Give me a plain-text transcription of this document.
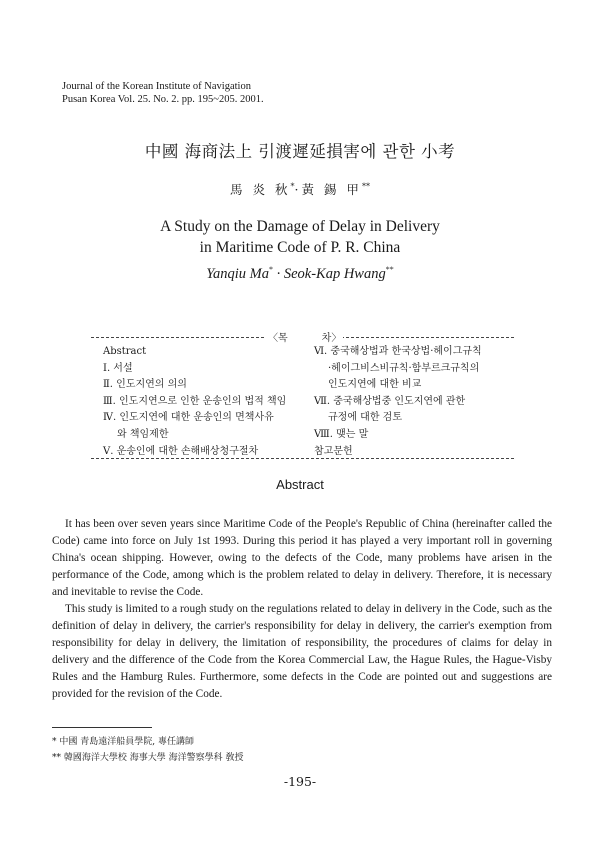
Journal of the Korean Institute of Navigation
Pusan Korea Vol. 25. No. 2. pp. 195~205. 2001.
中國 海商法上 引渡遲延損害에 관한 小考
馬 炎 秋*·黃 錫 甲**
A Study on the Damage of Delay in Delivery
in Maritime Code of P. R. China
Yanqiu Ma* · Seok-Kap Hwang**
〈목	차〉
Abstract
Ⅰ. 서설
Ⅱ. 인도지연의 의의
Ⅲ. 인도지연으로 인한 운송인의 법적 책임
Ⅳ. 인도지연에 대한 운송인의 면책사유
와 책임제한
Ⅴ. 운송인에 대한 손해배상청구절차
Ⅵ. 중국해상법과 한국상법·헤이그규칙
·헤이그비스비규칙·함부르크규칙의
인도지연에 대한 비교
Ⅶ. 중국해상법중 인도지연에 관한
규정에 대한 검토
Ⅷ. 맺는 말
참고문헌
Abstract

It has been over seven years since Maritime Code of the People's Republic of China (hereinafter called the Code) came into force on July 1st 1993. During this period it has played a very important roll in governing China's ocean shipping. However, owing to the defects of the Code, many problems have arisen in the performance of the Code, among which is the problem related to delay in delivery. Therefore, it is necessary and inevitable to revise the Code.

This study is limited to a rough study on the regulations related to delay in delivery in the Code, such as the definition of delay in delivery, the carrier's responsibility for delay in delivery, the carrier's exemption from responsibility for delay in delivery, the limitation of responsibility, the procedures of claims for delay in delivery and the difference of the Code from the Korea Commercial Law, the Hague Rules, the Hague-Visby Rules and the Hamburg Rules. Furthermore, some defects in the Code are pointed out and suggestions are provided for the revision of the Code.

* 中國 青島遠洋船員學院, 專任講師
** 韓國海洋大學校 海事大學 海洋警察學科 敎授
-195-
